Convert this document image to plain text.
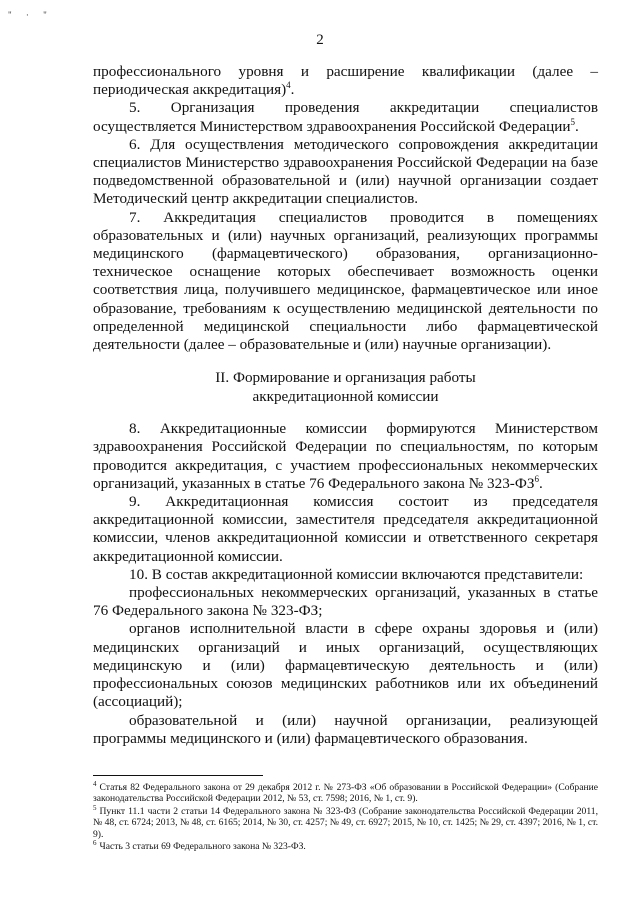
" · "
2

профессионального уровня и расширение квалификации (далее – периодическая аккредитация)$^4$.

5. Организация проведения аккредитации специалистов осуществляется Министерством здравоохранения Российской Федерации$^5$.

6. Для осуществления методического сопровождения аккредитации специалистов Министерство здравоохранения Российской Федерации на базе подведомственной образовательной и (или) научной организации создает Методический центр аккредитации специалистов.

7. Аккредитация специалистов проводится в помещениях образовательных и (или) научных организаций, реализующих программы медицинского (фармацевтического) образования, организационно-техническое оснащение которых обеспечивает возможность оценки соответствия лица, получившего медицинское, фармацевтическое или иное образование, требованиям к осуществлению медицинской деятельности по определенной медицинской специальности либо фармацевтической деятельности (далее – образовательные и (или) научные организации).

II. Формирование и организация работы
аккредитационной комиссии

8. Аккредитационные комиссии формируются Министерством здравоохранения Российской Федерации по специальностям, по которым проводится аккредитация, с участием профессиональных некоммерческих организаций, указанных в статье 76 Федерального закона № $323-ФЗ^6$.

9. Аккредитационная комиссия состоит из председателя аккредитационной комиссии, заместителя председателя аккредитационной комиссии, членов аккредитационной комиссии и ответственного секретаря аккредитационной комиссии.

10. В состав аккредитационной комиссии включаются представители:

профессиональных некоммерческих организаций, указанных в статье 76 Федерального закона № 323-ФЗ;

органов исполнительной власти в сфере охраны здоровья и (или) медицинских организаций и иных организаций, осуществляющих медицинскую и (или) фармацевтическую деятельность и (или) профессиональных союзов медицинских работников или их объединений (ассоциаций);

образовательной и (или) научной организации, реализующей программы медицинского и (или) фармацевтического образования.

$^4$ Статья 82 Федерального закона от 29 декабря 2012 г. № 273-ФЗ «Об образовании в Российской Федерации» (Собрание законодательства Российской Федерации 2012, № 53, ст. 7598; 2016, № 1, ст. 9).

$^5$ Пункт 11.1 части 2 статьи 14 Федерального закона № 323-ФЗ (Собрание законодательства Российской Федерации 2011, № 48, ст. 6724; 2013, № 48, ст. 6165; 2014, № 30, ст. 4257; № 49, ст. 6927; 2015, № 10, ст. 1425; № 29, ст. 4397; 2016, № 1, ст. 9).

$^6$ Часть 3 статьи 69 Федерального закона № 323-ФЗ.
